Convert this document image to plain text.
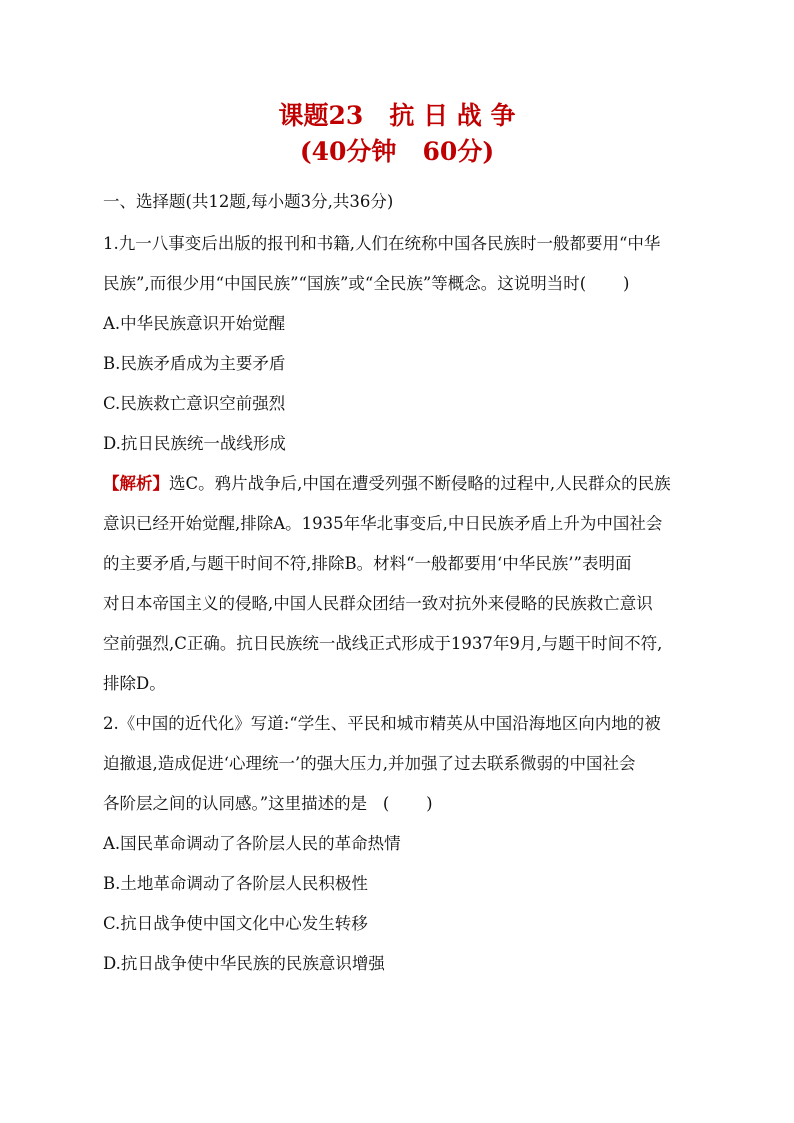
课题23   抗 日 战 争
(40分钟   60分)
一、选择题(共12题,每小题3分,共36分)
1.九一八事变后出版的报刊和书籍,人们在统称中国各民族时一般都要用“中华
民族”,而很少用“中国民族”“国族”或“全民族”等概念。这说明当时(       )
A.中华民族意识开始觉醒
B.民族矛盾成为主要矛盾
C.民族救亡意识空前强烈
D.抗日民族统一战线形成
【解析】选C。鸦片战争后,中国在遭受列强不断侵略的过程中,人民群众的民族
意识已经开始觉醒,排除A。1935年华北事变后,中日民族矛盾上升为中国社会
的主要矛盾,与题干时间不符,排除B。材料“一般都要用‘中华民族’”表明面
对日本帝国主义的侵略,中国人民群众团结一致对抗外来侵略的民族救亡意识
空前强烈,C正确。抗日民族统一战线正式形成于1937年9月,与题干时间不符,
排除D。
2.《中国的近代化》写道:“学生、平民和城市精英从中国沿海地区向内地的被
迫撤退,造成促进‘心理统一’的强大压力,并加强了过去联系微弱的中国社会
各阶层之间的认同感。”这里描述的是   (       )
A.国民革命调动了各阶层人民的革命热情
B.土地革命调动了各阶层人民积极性
C.抗日战争使中国文化中心发生转移
D.抗日战争使中华民族的民族意识增强
